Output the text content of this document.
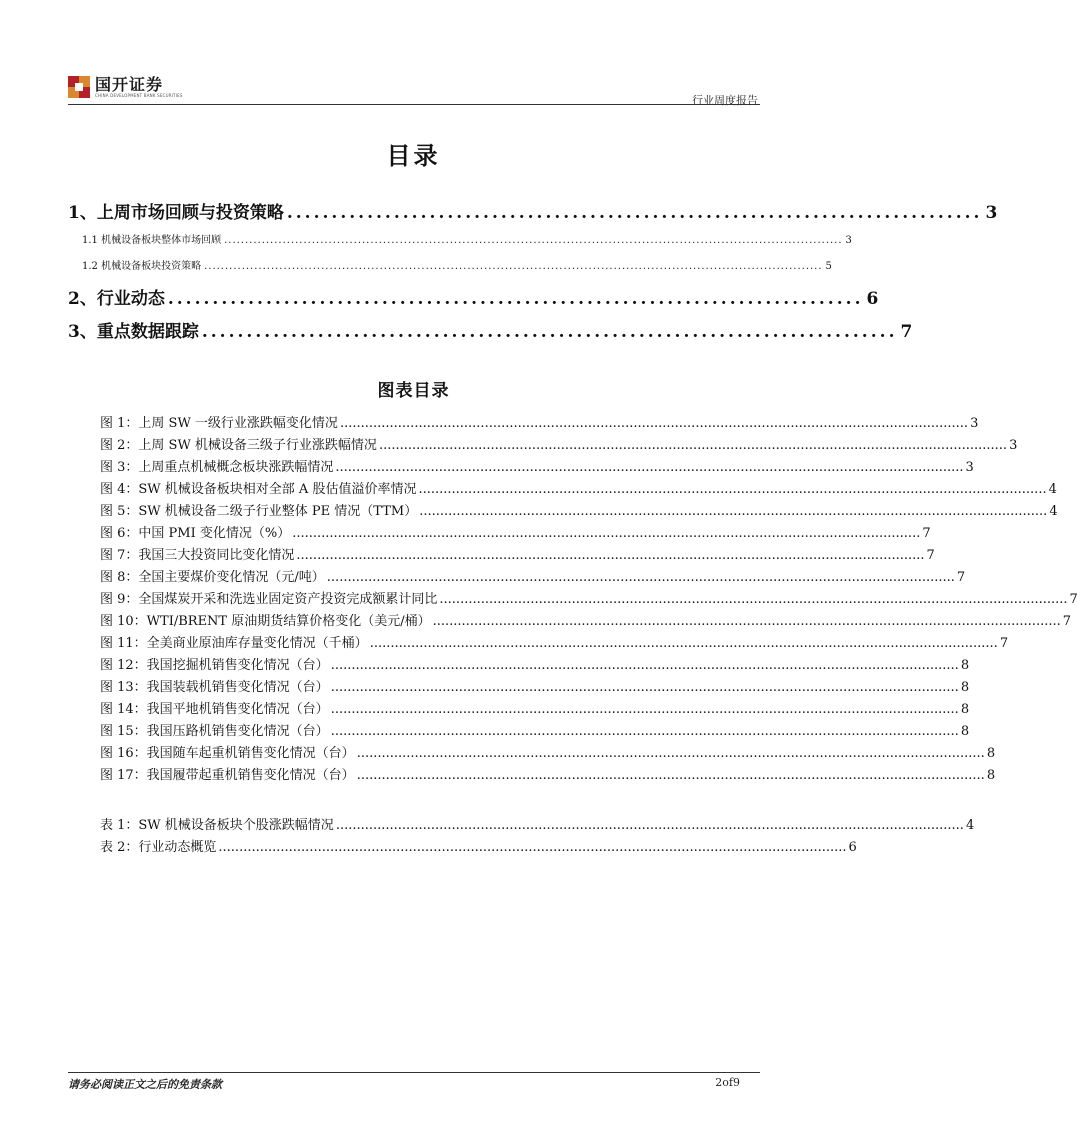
国开证券
CHINA DEVELOPMENT BANK SECURITIES	行业周度报告
目录
1、上周市场回顾与投资策略 .............................................................................. 3
1.1 机械设备板块整体市场回顾 .................................................................................................................................................... 3
1.2 机械设备板块投资策略 .................................................................................................................................................... 5
2、行业动态 .............................................................................. 6
3、重点数据跟踪 .............................................................................. 7
图表目录
图 1：上周 SW 一级行业涨跌幅变化情况 ........................................................................................................................................................ 3
图 2：上周 SW 机械设备三级子行业涨跌幅情况 ........................................................................................................................................................ 3
图 3：上周重点机械概念板块涨跌幅情况 ........................................................................................................................................................ 3
图 4：SW 机械设备板块相对全部 A 股估值溢价率情况 ........................................................................................................................................................ 4
图 5：SW 机械设备二级子行业整体 PE 情况（TTM） ........................................................................................................................................................ 4
图 6：中国 PMI 变化情况（%） ........................................................................................................................................................ 7
图 7：我国三大投资同比变化情况 ........................................................................................................................................................ 7
图 8：全国主要煤价变化情况（元/吨） ........................................................................................................................................................ 7
图 9：全国煤炭开采和洗选业固定资产投资完成额累计同比 ........................................................................................................................................................ 7
图 10：WTI/BRENT 原油期货结算价格变化（美元/桶） ........................................................................................................................................................ 7
图 11：全美商业原油库存量变化情况（千桶） ........................................................................................................................................................ 7
图 12：我国挖掘机销售变化情况（台） ........................................................................................................................................................ 8
图 13：我国装载机销售变化情况（台） ........................................................................................................................................................ 8
图 14：我国平地机销售变化情况（台） ........................................................................................................................................................ 8
图 15：我国压路机销售变化情况（台） ........................................................................................................................................................ 8
图 16：我国随车起重机销售变化情况（台） ........................................................................................................................................................ 8
图 17：我国履带起重机销售变化情况（台） ........................................................................................................................................................ 8
表 1：SW 机械设备板块个股涨跌幅情况 ........................................................................................................................................................ 4
表 2：行业动态概览 ........................................................................................................................................................ 6
请务必阅读正文之后的免责条款	2of9
